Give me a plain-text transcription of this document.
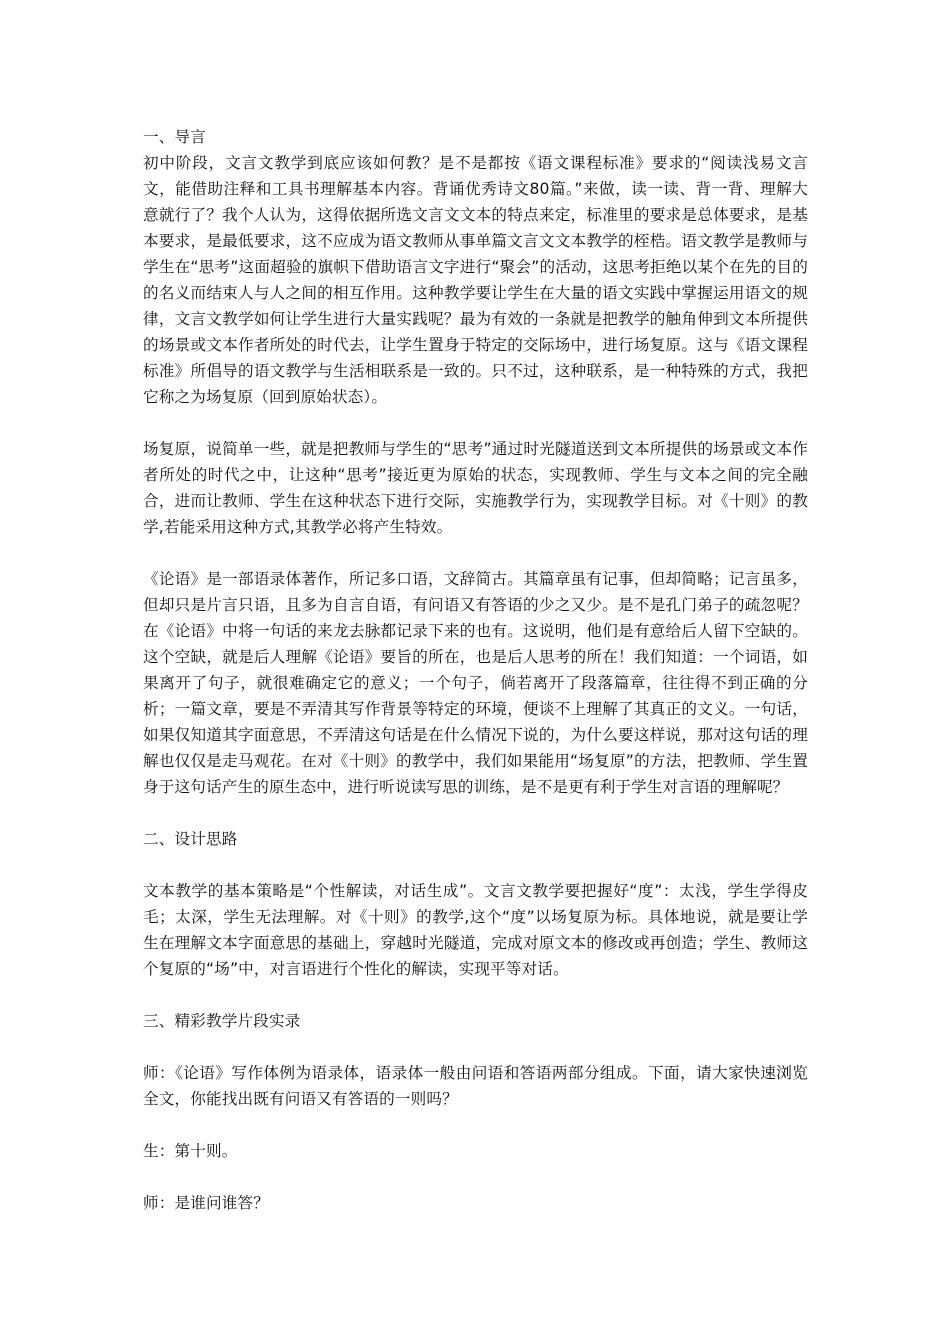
一、导言
初中阶段，文言文教学到底应该如何教？是不是都按《语文课程标准》要求的“阅读浅易文言文，能借助注释和工具书理解基本内容。背诵优秀诗文80篇。”来做，读一读、背一背、理解大意就行了？我个人认为，这得依据所选文言文文本的特点来定，标准里的要求是总体要求，是基本要求，是最低要求，这不应成为语文教师从事单篇文言文文本教学的桎梏。语文教学是教师与学生在“思考”这面超验的旗帜下借助语言文字进行“聚会”的活动，这思考拒绝以某个在先的目的的名义而结束人与人之间的相互作用。这种教学要让学生在大量的语文实践中掌握运用语文的规律，文言文教学如何让学生进行大量实践呢？最为有效的一条就是把教学的触角伸到文本所提供的场景或文本作者所处的时代去，让学生置身于特定的交际场中，进行场复原。这与《语文课程标准》所倡导的语文教学与生活相联系是一致的。只不过，这种联系，是一种特殊的方式，我把它称之为场复原（回到原始状态）。
场复原，说简单一些，就是把教师与学生的“思考”通过时光隧道送到文本所提供的场景或文本作者所处的时代之中，让这种“思考”接近更为原始的状态，实现教师、学生与文本之间的完全融合，进而让教师、学生在这种状态下进行交际，实施教学行为，实现教学目标。对《十则》的教学,若能采用这种方式,其教学必将产生特效。
《论语》是一部语录体著作，所记多口语，文辞简古。其篇章虽有记事，但却简略；记言虽多，但却只是片言只语，且多为自言自语，有问语又有答语的少之又少。是不是孔门弟子的疏忽呢？在《论语》中将一句话的来龙去脉都记录下来的也有。这说明，他们是有意给后人留下空缺的。这个空缺，就是后人理解《论语》要旨的所在，也是后人思考的所在！我们知道：一个词语，如果离开了句子，就很难确定它的意义；一个句子，倘若离开了段落篇章，往往得不到正确的分析；一篇文章，要是不弄清其写作背景等特定的环境，便谈不上理解了其真正的文义。一句话，如果仅知道其字面意思，不弄清这句话是在什么情况下说的，为什么要这样说，那对这句话的理解也仅仅是走马观花。在对《十则》的教学中，我们如果能用“场复原”的方法，把教师、学生置身于这句话产生的原生态中，进行听说读写思的训练，是不是更有利于学生对言语的理解呢？
二、设计思路
文本教学的基本策略是“个性解读，对话生成”。文言文教学要把握好“度”：太浅，学生学得皮毛；太深，学生无法理解。对《十则》的教学,这个“度”以场复原为标。具体地说，就是要让学生在理解文本字面意思的基础上，穿越时光隧道，完成对原文本的修改或再创造；学生、教师这个复原的“场”中，对言语进行个性化的解读，实现平等对话。
三、精彩教学片段实录
师：《论语》写作体例为语录体，语录体一般由问语和答语两部分组成。下面，请大家快速浏览全文，你能找出既有问语又有答语的一则吗？
生：第十则。
师：是谁问谁答？
